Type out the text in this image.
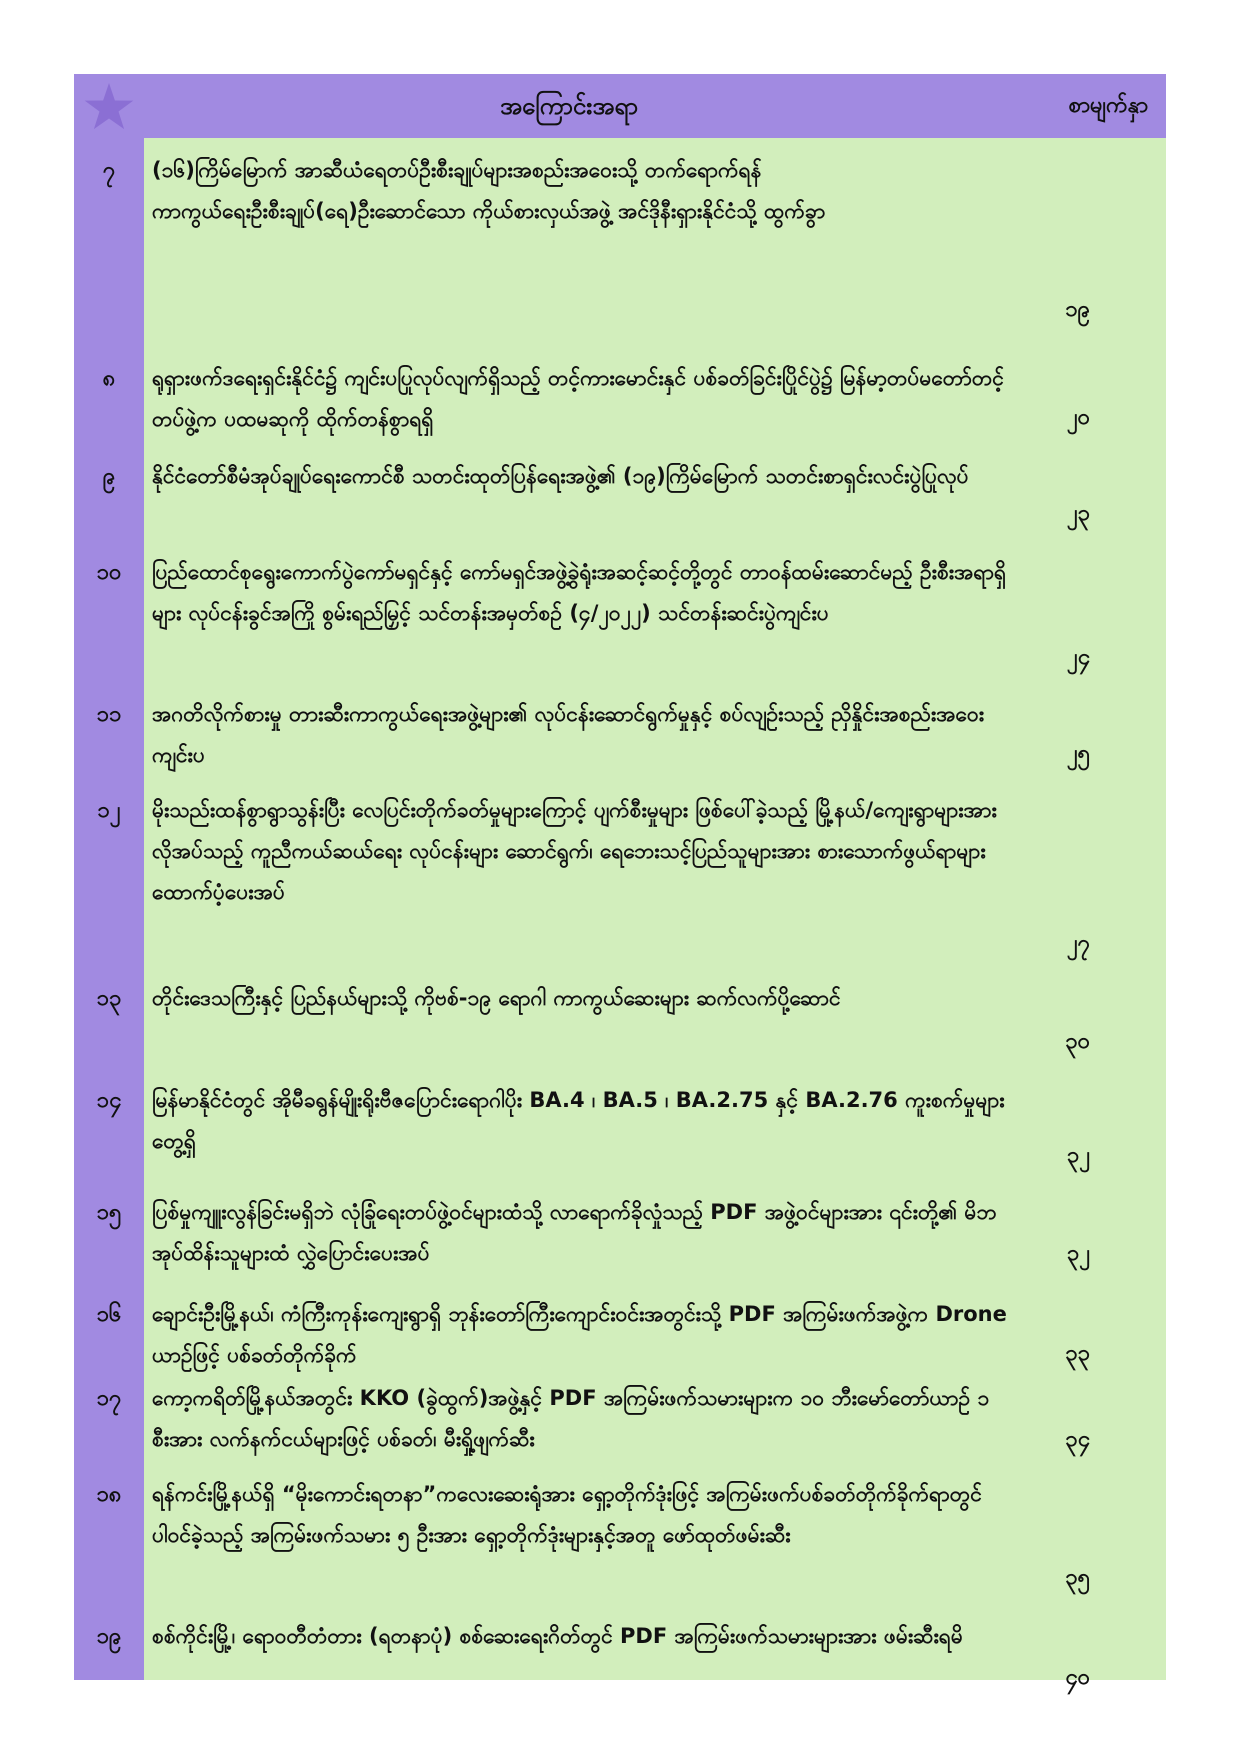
အကြောင်းအရာ	စာမျက်နှာ
၇	(၁၆)ကြိမ်မြောက် အာဆီယံရေတပ်ဦးစီးချုပ်များအစည်းအဝေးသို့ တက်ရောက်ရန် ကာကွယ်ရေးဦးစီးချုပ်(ရေ)ဦးဆောင်သော ကိုယ်စားလှယ်အဖွဲ့ အင်ဒိုနီးရှားနိုင်ငံသို့ ထွက်ခွာ
၁၉
၈	ရုရှားဖက်ဒရေးရှင်းနိုင်ငံ၌ ကျင်းပပြုလုပ်လျက်ရှိသည့် တင့်ကားမောင်းနှင် ပစ်ခတ်ခြင်းပြိုင်ပွဲ၌ မြန်မာ့တပ်မတော်တင့်တပ်ဖွဲ့က ပထမဆုကို ထိုက်တန်စွာရရှိ	၂၀
၉	နိုင်ငံတော်စီမံအုပ်ချုပ်ရေးကောင်စီ သတင်းထုတ်ပြန်ရေးအဖွဲ့၏ (၁၉)ကြိမ်မြောက် သတင်းစာရှင်းလင်းပွဲပြုလုပ်
၂၃
၁၀	ပြည်ထောင်စုရွေးကောက်ပွဲကော်မရှင်နှင့် ကော်မရှင်အဖွဲ့ခွဲရုံးအဆင့်ဆင့်တို့တွင် တာဝန်ထမ်းဆောင်မည့် ဦးစီးအရာရှိများ လုပ်ငန်းခွင်အကြို စွမ်းရည်မြှင့် သင်တန်းအမှတ်စဉ် (၄/၂၀၂၂) သင်တန်းဆင်းပွဲကျင်းပ
၂၄
၁၁	အဂတိလိုက်စားမှု တားဆီးကာကွယ်ရေးအဖွဲ့များ၏ လုပ်ငန်းဆောင်ရွက်မှုနှင့် စပ်လျဉ်းသည့် ညှိနှိုင်းအစည်းအဝေးကျင်းပ	၂၅
၁၂	မိုးသည်းထန်စွာရွာသွန်းပြီး လေပြင်းတိုက်ခတ်မှုများကြောင့် ပျက်စီးမှုများ ဖြစ်ပေါ်ခဲ့သည့် မြို့နယ်/ကျေးရွာများအား လိုအပ်သည့် ကူညီကယ်ဆယ်ရေး လုပ်ငန်းများ ဆောင်ရွက်၊ ရေဘေးသင့်ပြည်သူများအား စားသောက်ဖွယ်ရာများ ထောက်ပံ့ပေးအပ်
၂၇
၁၃	တိုင်းဒေသကြီးနှင့် ပြည်နယ်များသို့ ကိုဗစ်-၁၉ ရောဂါ ကာကွယ်ဆေးများ ဆက်လက်ပို့ဆောင်
၃၀
၁၄	မြန်မာနိုင်ငံတွင် အိုမီခရွန်မျိုးရိုးဗီဇပြောင်းရောဂါပိုး BA.4 ၊ BA.5 ၊ BA.2.75 နှင့် BA.2.76 ကူးစက်မှုများတွေ့ရှိ
၃၂
၁၅	ပြစ်မှုကျူးလွန်ခြင်းမရှိဘဲ လုံခြုံရေးတပ်ဖွဲ့ဝင်များထံသို့ လာရောက်ခိုလှုံသည့် PDF အဖွဲ့ဝင်များအား ၎င်းတို့၏ မိဘအုပ်ထိန်းသူများထံ လွှဲပြောင်းပေးအပ်	၃၂
၁၆	ချောင်းဦးမြို့နယ်၊ ကံကြီးကုန်းကျေးရွာရှိ ဘုန်းတော်ကြီးကျောင်းဝင်းအတွင်းသို့ PDF အကြမ်းဖက်အဖွဲ့က Drone ယာဉ်ဖြင့် ပစ်ခတ်တိုက်ခိုက်	၃၃
၁၇	ကော့ကရိတ်မြို့နယ်အတွင်း KKO (ခွဲထွက်)အဖွဲ့နှင့် PDF အကြမ်းဖက်သမားများက ၁၀ ဘီးမော်တော်ယာဉ် ၁ စီးအား လက်နက်ငယ်များဖြင့် ပစ်ခတ်၊ မီးရှို့ဖျက်ဆီး	၃၄
၁၈	ရန်ကင်းမြို့နယ်ရှိ “မိုးကောင်းရတနာ”ကလေးဆေးရုံအား ရှော့တိုက်ဒုံးဖြင့် အကြမ်းဖက်ပစ်ခတ်တိုက်ခိုက်ရာတွင် ပါဝင်ခဲ့သည့် အကြမ်းဖက်သမား ၅ ဦးအား ရှော့တိုက်ဒုံးများနှင့်အတူ ဖော်ထုတ်ဖမ်းဆီး
၃၅
၁၉	စစ်ကိုင်းမြို့၊ ရောဝတီတံတား (ရတနာပုံ) စစ်ဆေးရေးဂိတ်တွင် PDF အကြမ်းဖက်သမားများအား ဖမ်းဆီးရမိ
၄၀
